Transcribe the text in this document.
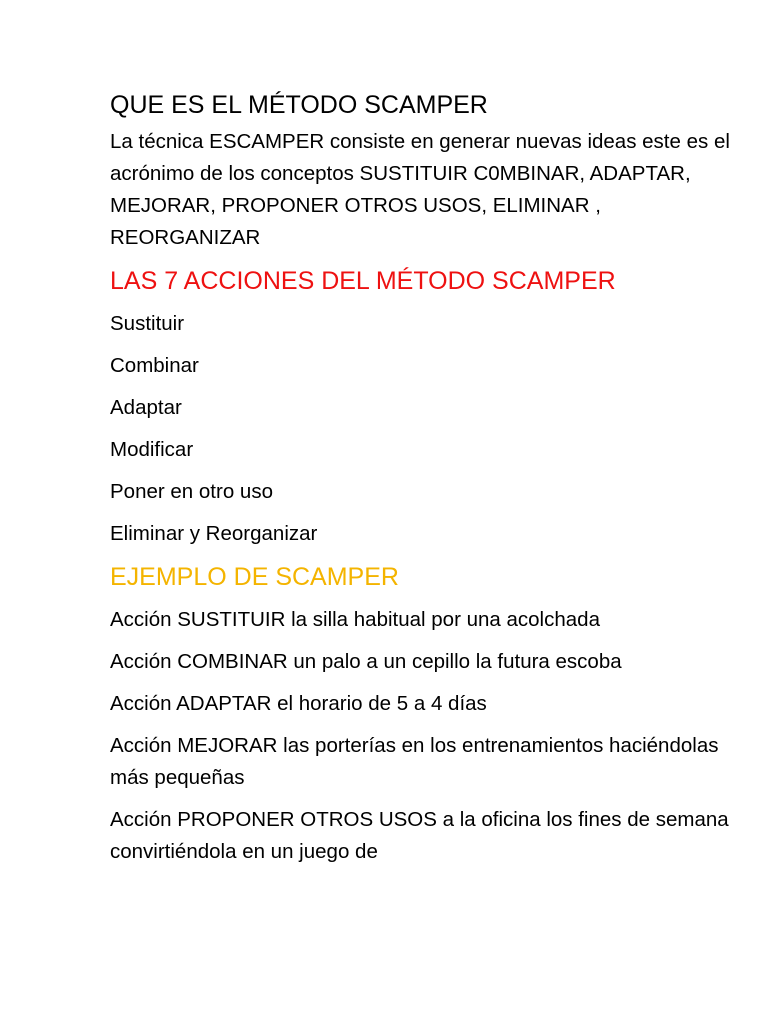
QUE ES EL MÉTODO SCAMPER

La técnica ESCAMPER consiste en generar nuevas ideas este es el acrónimo de los conceptos SUSTITUIR C0MBINAR, ADAPTAR, MEJORAR, PROPONER OTROS USOS, ELIMINAR , REORGANIZAR

LAS 7 ACCIONES DEL MÉTODO SCAMPER
Sustituir
Combinar
Adaptar
Modificar
Poner en otro uso
Eliminar y Reorganizar
EJEMPLO DE SCAMPER
Acción SUSTITUIR la silla habitual por una acolchada
Acción COMBINAR un palo a un cepillo la futura escoba
Acción ADAPTAR el horario de 5 a 4 días
Acción MEJORAR las porterías en los entrenamientos haciéndolas más pequeñas
Acción PROPONER OTROS USOS a la oficina los fines de semana convirtiéndola en un juego de
